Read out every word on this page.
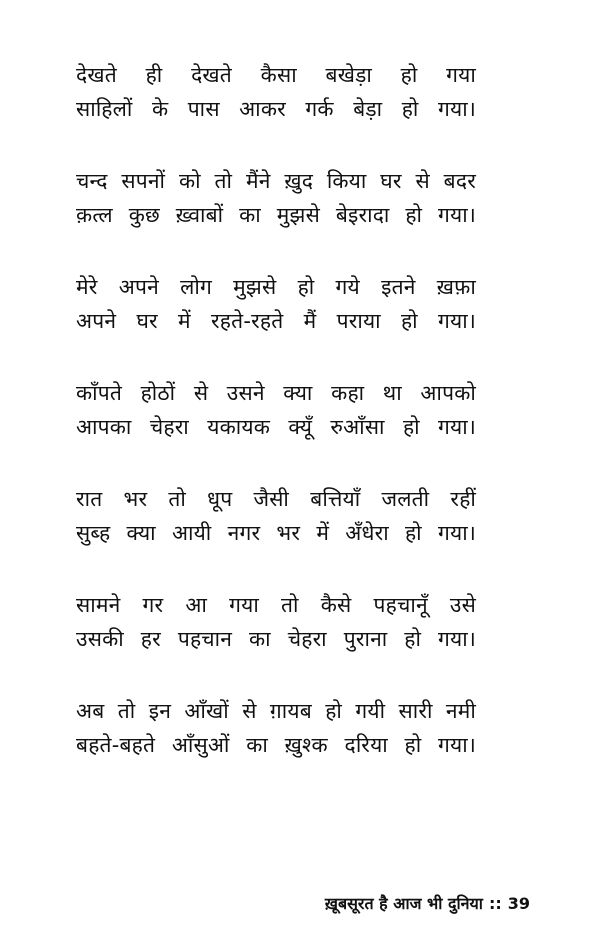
देखते ही देखते कैसा बखेड़ा हो गया
साहिलों के पास आकर गर्क बेड़ा हो गया।
चन्द सपनों को तो मैंने ख़ुद किया घर से बदर
क़त्ल कुछ ख़्वाबों का मुझसे बेइरादा हो गया।
मेरे अपने लोग मुझसे हो गये इतने ख़फ़ा
अपने घर में रहते-रहते मैं पराया हो गया।
काँपते होठों से उसने क्या कहा था आपको
आपका चेहरा यकायक क्यूँ रुआँसा हो गया।
रात भर तो धूप जैसी बत्तियाँ जलती रहीं
सुब्ह क्या आयी नगर भर में अँधेरा हो गया।
सामने गर आ गया तो कैसे पहचानूँ उसे
उसकी हर पहचान का चेहरा पुराना हो गया।
अब तो इन आँखों से ग़ायब हो गयी सारी नमी
बहते-बहते आँसुओं का ख़ुश्क दरिया हो गया।
ख़ूबसूरत है आज भी दुनिया :: 39
